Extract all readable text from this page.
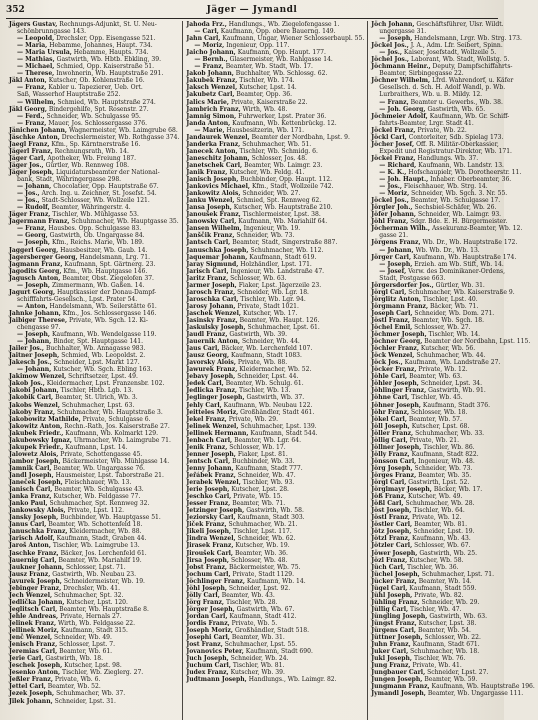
352	Jäger — Jymandl
Jägers Gustav, Rechnungs-Adjunkt, St. U. Neu-
schönbrunngasse 143.
— Leopold, Drechsler, Opp. Eisengasse 521.
— Maria, Hebamme, Johannes, Haupt. 734.
— Maria Ursula, Hebamme, Haupts. 734.
— Mathias, Gastwirth, Wb. Hbtb. Ebkling, 39.
— Michael, Schmied, Opp. Kaiserstraße 51.
— Therese, Inwohnerin, Wb. Hauptstraße 291.
Jäkl Anton, Kutscher, Ob. Kohlenstraße 16.
— Franz, Kabler u. Tapezierer, Ueb. Ort.
Saß, Wasserhof Hauptstraße 252.
— Wilhelm, Schmied, Wb. Hauptstraße 274.
Jäkl Georg, Bindergehilfe, Spt. Rosenstr. 27.
— Ferd., Schneider, Wb. Schulgasse 95.
— Franz, Mauer, Jos. Schlossergasse 376.
Jänichen Johann, Wagnermeister, Wb. Laimgrube 68.
Jäschke Anton, Drechslermeister, Wb. Rothgasse 374.
Jaegl Franz, Kfm., Sp. Kärntnerstraße 16.
Jägerl Franz, Rechnungsrath, Wb. 14.
Jäger Carl, Apotheker, Wb. Freiung 187.
Jäger Jos., Gürtler, Wb. Rennweg 108.
Jäger Joseph, Liquidatursbeamter der National-
bank, Stadt, Währingergasse 298.
— Johann, Chocolatier, Opp. Hauptstraße 67.
— Jos., Arch. Ing. u. Zeichner, St. Josefst. 54.
— Jos., Stadt-Schlosser, Wb. Wollzeile 121.
— Rudolf, Beamter, Währingerstr. 4.
Jäger Franz, Tischler, Wb. Mühlgasse 53.
Jagermann Franz, Schuhmacher, Wb. Hauptgasse 35.
— Franz, Hausbes. Opp. Schulgasse 83.
— Georg, Gastwirth, Ob. Ungargasse 84.
— Joseph, Kfm., Reichs. Marie, Wb. 189.
Jaggerl Georg, Hausbesitzer, Wb. Gaub. 14.
Jagersberger Georg, Handelsmann, Lrg. 71.
Jagmann Franz, Kaufmann, Spt. Gärtnerg. 23.
Jagodits Georg, Kfm., Wb. Hauptgasse 146.
Jagusch Anton, Beamter, Obst. Ziegelofen 37.
— Joseph, Zimmermann, Wb. Gaßen. 14.
Jagurt Georg, Hauptkassier der Donau-Dampf-
schifffahrts-Gesellsch., Lpst. Prater 54.
— Anton, Handelsmann, Wb. Seilerstätte 61.
Jahnke Johann, Kfm., Jos. Schlossergasse 146.
Jaibiger Therese, Private, Wb. Sgch. 12. Ki-
chengasse 97.
— Joseph, Kaufmann, Wb. Wendelgasse 119.
— Johann, Binder, Spt. Hauptgasse 141.
Jailer Jos., Buchhalter, Wb. Annagasse 983.
Jaitner Joseph, Schmied, Wb. Leopoldst. 2.
Jakesch Jos., Schneider, Lpst. Markt 127.
— Johann, Kutscher, Wb. Sgch. Ebling 163.
Jakimow Wenzel, Schriftsetzer, Lpst. 49.
Jakob Jos., Kleidermacher, Lpst. Franzensbr. 102.
Jakobi Johann, Tischler, Hbtb. Lgb. 13.
Jakobik Carl, Beamter, St. Ulrich, Wb. 3.
Jakobs Wenzel, Schuhmacher, Lpst. 63.
Jakoby Franz, Schuhmacher, Wb. Hauptstraße 3.
Jakobowitz Mathilde, Private, Schulgasse 6.
Jakowitz Anton, Rechn.-Rath, Jos. Kaiserstraße 27.
Jakubek Friedr., Kaufmann, Wb. Kolmarkt 129.
Jakubowsky Ignaz, Uhrmacher, Wb. Laimgrube 71.
Jakupek Friedr., Kaufmann, Lpst. 14.
Jalowetz Alois, Private, Schottengasse 45.
Jambor Joseph, Bäckermeister, Wb. Mühlgasse 14.
Jamnik Carl, Beamter, Wb. Ungargasse 76.
Jandl Joseph, Hausmeister, Lpst. Taborstraße 21.
Janeček Joseph, Fleischhauer, Wb. 13.
Janisch Carl, Beamter, Wb. Schulgasse 43.
Janka Franz, Kutscher, Wb. Feldgasse 77.
Janko Paul, Schuhmacher, Spt. Rennweg 32.
Jankowsky Alois, Private, Lpst. 112.
Jansky Joseph, Buchbinder, Wb. Hauptgasse 51.
Janus Carl, Beamter, Wb. Schottenfeld 18.
Januschka Franz, Kleidermacher, Wb. 88.
Jarisch Adolf, Kaufmann, Stadt, Graben 44.
Jaroš Anton, Tischler, Wb. Laimgrube 13.
Jaschke Franz, Bäcker, Jos. Lerchenfeld 61.
Jauernig Carl, Beamter, Wb. Mariahilf 19.
Jaukner Johann, Schlosser, Lpst. 71.
Jausz Franz, Gastwirth, Wb. Neubau 23.
Javurek Joseph, Schneidermeister, Wb. 19.
Jebinger Franz, Drechsler, Wb. 41.
Jech Wenzel, Schuhmacher, Spt. 32.
Jedlička Johann, Kutscher, Lpst. 120.
Jeglitsch Carl, Beamter, Wb. Hauptstraße 8.
Jehle Andreas, Private, Hernals 27.
Jelinek Franz, Wirth, Wb. Feldgasse 22.
Jellinek Moriz, Kaufmann, Stadt 315.
Jenč Wenzel, Schneider, Wb. 49.
Jenisch Franz, Schlosser, Lpst. 7.
Jeremias Carl, Beamter, Wb. 61.
Jerie Carl, Gastwirth, Wb. 18.
Jeschek Joseph, Kutscher, Lpst. 98.
Jesenko Anton, Tischler, Wb. Zieglerg. 27.
Jeßler Franz, Private, Wb. 6.
Jettel Carl, Beamter, Wb. 52.
Jezek Joseph, Schuhmacher, Wb. 37.
Jilek Johann, Schneider, Lpst. 31.
Jahoda Frz., Handlungs., Wb. Ziegelofengasse 1.
— Carl, Kaufmann, Opp. obere Bauerng. 149.
Jahn Carl, Kaufmann, Ungar, Wiener Schlosserbaupl. 55.
— Moriz, Ingenieur, Opp. 117.
Jaicho Johann, Kaufmann, Opp. Haupt. 177.
— Bernh., Glasermeister, Wb. Rahlgasse 14.
— Franz, Beamter, Wb. Stadt, Wb. 17.
Jakob Johann, Buchhalter, Wb. Schlossg. 62.
Jakubek Franz, Tischler, Wb. 174.
Jaksch Wenzel, Kutscher, Lpst. 14.
Jakubetz Carl, Beamter, Opp. 36.
Jalics Marie, Private, Kaiserstraße 22.
Jambrich Franz, Wirth, Wb. 48.
Jamnig Simon, Fuhrwerker, Lpst. Prater 36.
Janda Anton, Kaufmann, Wb. Kettenbrückg. 12.
— Marie, Hausbesitzerin, Wb. 171.
Jandaurek Wenzel, Beamter der Nordbahn, Lpst. 9.
Janderka Franz, Schuhmacher, Wb. 51.
Janecek Anton, Tischler, Wb. Schmidg. 6.
Janeschitz Johann, Schlosser, Jos. 48.
Janetschek Carl, Beamter, Wb. Laimgr. 23.
Janik Franz, Kutscher, Wb. Feldg. 41.
Janisch Joseph, Buchbinder, Opp. Haupt. 112.
Jankovics Michael, Kfm., Stadt, Wollzeile 742.
Jankowitz Alois, Schneider, Wb. 27.
Janku Wenzel, Schmied, Spt. Rennweg 62.
Jansa Joseph, Kutscher, Wb. Hauptstraße 210.
Janoušek Franz, Tischlermeister, Lpst. 38.
Janowsky Carl, Kaufmann, Wb. Mariahilf 64.
Jansen Wilhelm, Ingenieur, Wb. 19.
Janščik Franz, Schneider, Wb. 73.
Jantsch Carl, Beamter, Stadt, Singerstraße 887.
Januschka Joseph, Schuhmacher, Wb. 112.
Jaquemar Johann, Kaufmann, Stadt 619.
Jaray Sigmund, Holzhändler, Lpst. 171.
Jarisch Carl, Ingenieur, Wb. Landstraße 47.
Jaritz Franz, Schlosser, Wb. 63.
Jarmer Joseph, Fiaker, Lpst. Jägerzeile 23.
Jarosch Franz, Schneider, Wb. Lgr. 18.
Jaroschka Carl, Tischler, Wb. Lgr. 94.
Jarosy Johann, Private, Stadt 1021.
Jaschek Wenzel, Kutscher, Wb. 17.
Jasinsky Franz, Beamter, Wb. Haupt. 126.
Jaskulsky Joseph, Schuhmacher, Lpst. 61.
Jaudl Franz, Gastwirth, Wb. 39.
Jauernik Anton, Schneider, Wb. 44.
Jaus Carl, Bäcker, Wb. Lerchenfeld 107.
Jausz Georg, Kaufmann, Stadt 1083.
Javorsky Alois, Private, Wb. 88.
Jawurek Franz, Kleidermacher, Wb. 52.
Jebavy Joseph, Schneider, Lpst. 44.
Jedek Carl, Beamter, Wb. Schulg. 61.
Jedlicka Franz, Tischler, Wb. 13.
Jeglinger Joseph, Gastwirth, Wb. 37.
Jehly Carl, Kaufmann, Wb. Neubau 122.
Jeitteles Moriz, Großhändler, Stadt 461.
Jekel Franz, Private, Wb. 29.
Jelinek Wenzel, Schuhmacher, Lpst. 139.
Jellinek Hermann, Kaufmann, Stadt 544.
Jenbach Carl, Beamter, Wb. Lgr. 64.
Jenik Franz, Schlosser, Wb. 17.
Jenner Joseph, Fiaker, Lpst. 81.
Jentsch Carl, Buchbinder, Wb. 33.
Jenny Johann, Kaufmann, Stadt 777.
Jeřábek Franz, Schneider, Wb. 47.
Jerabek Wenzel, Tischler, Wb. 93.
Jerie Joseph, Kutscher, Lpst. 28.
Jeschko Carl, Private, Wb. 15.
Jesser Franz, Beamter, Wb. 71.
Jetzinger Joseph, Gastwirth, Wb. 58.
Jeziorsky Carl, Kaufmann, Stadt 303.
Jiček Franz, Schuhmacher, Wb. 21.
Jikeli Joseph, Tischler, Lpst. 117.
Jindra Wenzel, Schneider, Wb. 62.
Jirasek Franz, Kutscher, Wb. 19.
Jiroušek Carl, Beamter, Wb. 36.
Jirsa Joseph, Schlosser, Wb. 48.
Jobst Franz, Bäckermeister, Wb. 75.
Jochum Carl, Private, Stadt 1129.
Jöchlinger Franz, Kaufmann, Wb. 14.
Jöhl Joseph, Schneider, Lpst. 92.
Jölly Carl, Beamter, Wb. 43.
Jörg Franz, Tischler, Wb. 28.
Jörger Joseph, Gastwirth, Wb. 67.
Jordan Carl, Kaufmann, Stadt 412.
Jordis Franz, Private, Wb. 5.
Joseph Moriz, Großhändler, Stadt 518.
Josephi Carl, Beamter, Wb. 31.
Jost Franz, Schuhmacher, Lpst. 55.
Jovanovics Peter, Kaufmann, Stadt 690.
Juch Joseph, Schneider, Wb. 24.
Juchum Carl, Tischler, Wb. 81.
Judex Franz, Kutscher, Wb. 39.
Judtmann Joseph, Handlungs., Wb. Laimgr. 82.
Jöch Johann, Geschäftsführer, Ulsr. Wildt.
ungergasse 31.
— Joseph, Handelsmann, Lrgr. Wb. Strg. 173.
Jöckel Jos., J. A., Adm. Lfr. Seibert, Spinn.
— Jos., Kaiser, Josefstadt, Wollzeile 5.
Jöchel Jos., Laborant, Wb. Stadt, Wollstg. 5.
Jöchmann Heinr., Deputy, Dampfschiffahrts-
Beamter, Sirbingegasse 22.
Jöchner Wilhelm, Lfrd. Wahrendorf, u. Käfer
Gesellsch. d. Sch. H. Adolf Wandl, p. Wb.
Lurbraithers, Wb. u. B. Mildy. 12.
— Franz, Beamter u. Gewerbs., Wb. 38.
— Joh. Georg, Gastwirth, Wb. 65.
Jöchmeier Adolf, Kaufmann, Wb. Gr. Schiff-
fahrts-Beamter, Lrgr. Stadt 41.
Jöckel Franz, Private, Wb. 22.
Jöckl Carl, Contorleiter, Sdb. Spielag 173.
Jöcher Josef, Off. R. Militär-Oberkassier,
Expedit und Registratur-Direktor, Wb. 171.
Jöckel Franz, Handlungs. Wb. 37.
— Richard, Kaufmann, Wb. Landstr. 13.
— K. K., Hofschaupielr, Wb. Dorotheerstr. 11.
— Joh. Haupt., Inhaber. Oberbeamter, 36.
— Jos., Fleischhauer, Wb. Strg. 14.
— Moriz, Schneider, Wb. Sgch. 3. Nr. 55.
Jöckel Jos., Beamter, Wb. Schulgasse 17.
Jörgler Joh., Sechsbiel-Schäfer, Wb. 26.
Jöfer Johann, Schneider, Wb. Laimgr. 93.
Jöhl Franz, Sdgr. Bde. E. H. Bürgermeister.
Jöcherman Wilh., Assekuranz-Beamter, Wb. 12.
gasse 21.
Jörgens Franz, Wb. Dr., Wb. Hauptstraße 172.
— Johann, Wb. Wb. Dr., Wb. 13.
Jörger Carl, Kaufmann, Wb. Hauptstraße 174.
— Joseph, Erzieh. am Wb. Stift, Wb. 14.
— Josef, Verw. des Dominikaner-Ordens,
Stadt, Postgasse 663.
Jörgersdorfer Jos., Gürtler, Wb. 31.
Jörgl Carl, Schuhmacher, Wb. Kaiserstraße 9.
Jörglitz Anton, Tischler, Lpst. 40.
Jörgmann Franz, Bäcker, Wb. 71.
Joseph Carl, Schneider, Wb. Dom. 271.
Jöstl Franz, Beamter, Wb. Sgch. 18.
Jöchel Emil, Schlosser, Wb. 27.
Jöchmer Joseph, Tischler, Wb. 14.
Jöchner Georg, Beamter der Nordbahn, Lpst. 115.
Jöchler Franz, Kutscher, Wb. 56.
Jöck Wenzel, Schuhmacher, Wb. 44.
Jöck Jos., Kaufmann, Wb. Landstraße 27.
Jöcker Franz, Private, Wb. 12.
Jöhle Carl, Beamter, Wb. 63.
Jöhler Joseph, Schneider, Lpst. 34.
Jöhlinger Franz, Gastwirth, Wb. 91.
Jöhne Carl, Tischler, Wb. 45.
Jöhner Joseph, Kaufmann, Stadt 376.
Jöhr Franz, Schlosser, Wb. 18.
Jökel Carl, Beamter, Wb. 57.
Jöll Joseph, Kutscher, Lpst. 68.
Jöller Franz, Schuhmacher, Wb. 33.
Jöllig Carl, Private, Wb. 21.
Jöllner Joseph, Tischler, Wb. 86.
Jölly Franz, Kaufmann, Stadt 822.
Jönsson Carl, Ingenieur, Wb. 48.
Jörg Joseph, Schneider, Wb. 73.
Jörges Franz, Beamter, Wb. 35.
Jörgl Carl, Gastwirth, Lpst. 52.
Jörglmayr Joseph, Bäcker, Wb. 17.
Jöß Franz, Kutscher, Wb. 49.
Jößl Carl, Schuhmacher, Wb. 28.
Jöst Joseph, Tischler, Wb. 64.
Jöstl Franz, Private, Wb. 12.
Jöstler Carl, Beamter, Wb. 81.
Jötz Joseph, Schneider, Lpst. 19.
Jötzl Franz, Kaufmann, Wb. 43.
Jötzler Carl, Schlosser, Wb. 67.
Jöwer Joseph, Gastwirth, Wb. 25.
Jözl Franz, Kutscher, Wb. 58.
Jüch Carl, Tischler, Wb. 36.
Jüchel Joseph, Schuhmacher, Lpst. 71.
Jücker Franz, Beamter, Wb. 14.
Jügel Carl, Kaufmann, Stadt 559.
Jühl Joseph, Private, Wb. 82.
Jühling Franz, Schneider, Wb. 29.
Jüllig Carl, Tischler, Wb. 47.
Jüngling Joseph, Gastwirth, Wb. 63.
Jüngst Franz, Kutscher, Lpst. 38.
Jürgens Carl, Beamter, Wb. 54.
Jüttner Joseph, Schlosser, Wb. 22.
Juhn Franz, Kaufmann, Stadt 671.
Juker Carl, Schuhmacher, Wb. 18.
Jukl Joseph, Tischler, Wb. 76.
Jung Franz, Private, Wb. 41.
Jungbauer Carl, Schneider, Lpst. 27.
Jungen Joseph, Beamter, Wb. 59.
Jungmann Franz, Kaufmann, Wb. Hauptstraße 196.
Jymandl Joseph, Beamter, Wb. Ungargasse 111.
